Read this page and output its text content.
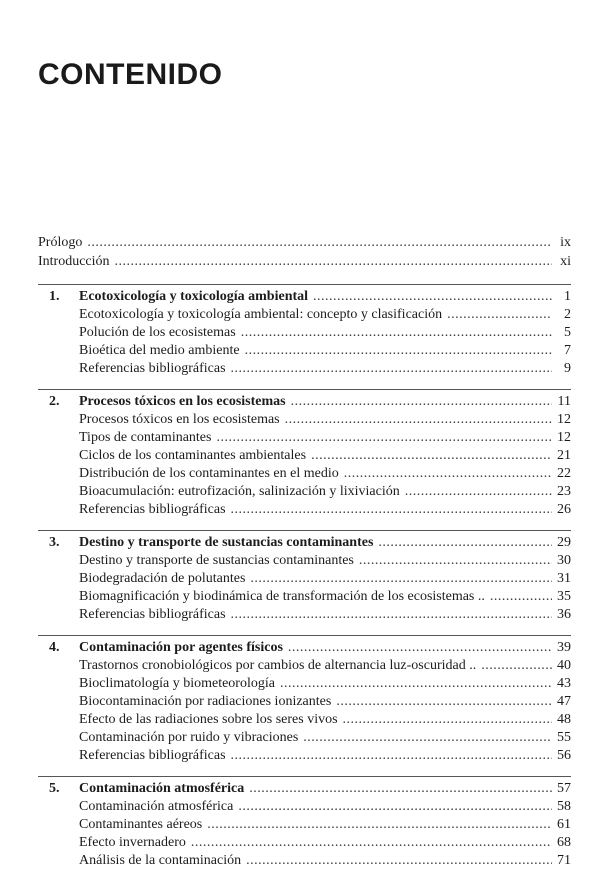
CONTENIDO
Prólogo . . .	ix
Introducción . . .	xi
1.	Ecotoxicología y toxicología ambiental . . .	1
Ecotoxicología y toxicología ambiental: concepto y clasificación . . .	2
Polución de los ecosistemas . . .	5
Bioética del medio ambiente . . .	7
Referencias bibliográficas . . .	9
2.	Procesos tóxicos en los ecosistemas . . .	11
Procesos tóxicos en los ecosistemas . . .	12
Tipos de contaminantes . . .	12
Ciclos de los contaminantes ambientales . . .	21
Distribución de los contaminantes en el medio . . .	22
Bioacumulación: eutrofización, salinización y lixiviación . . .	23
Referencias bibliográficas . . .	26
3.	Destino y transporte de sustancias contaminantes . . .	29
Destino y transporte de sustancias contaminantes . . .	30
Biodegradación de polutantes . . .	31
Biomagnificación y biodinámica de transformación de los ecosistemas .. . . .	35
Referencias bibliográficas . . .	36
4.	Contaminación por agentes físicos . . .	39
Trastornos cronobiológicos por cambios de alternancia luz-oscuridad .. . . .	40
Bioclimatología y biometeorología . . .	43
Biocontaminación por radiaciones ionizantes . . .	47
Efecto de las radiaciones sobre los seres vivos . . .	48
Contaminación por ruido y vibraciones . . .	55
Referencias bibliográficas . . .	56
5.	Contaminación atmosférica . . .	57
Contaminación atmosférica . . .	58
Contaminantes aéreos . . .	61
Efecto invernadero . . .	68
Análisis de la contaminación . . .	71
